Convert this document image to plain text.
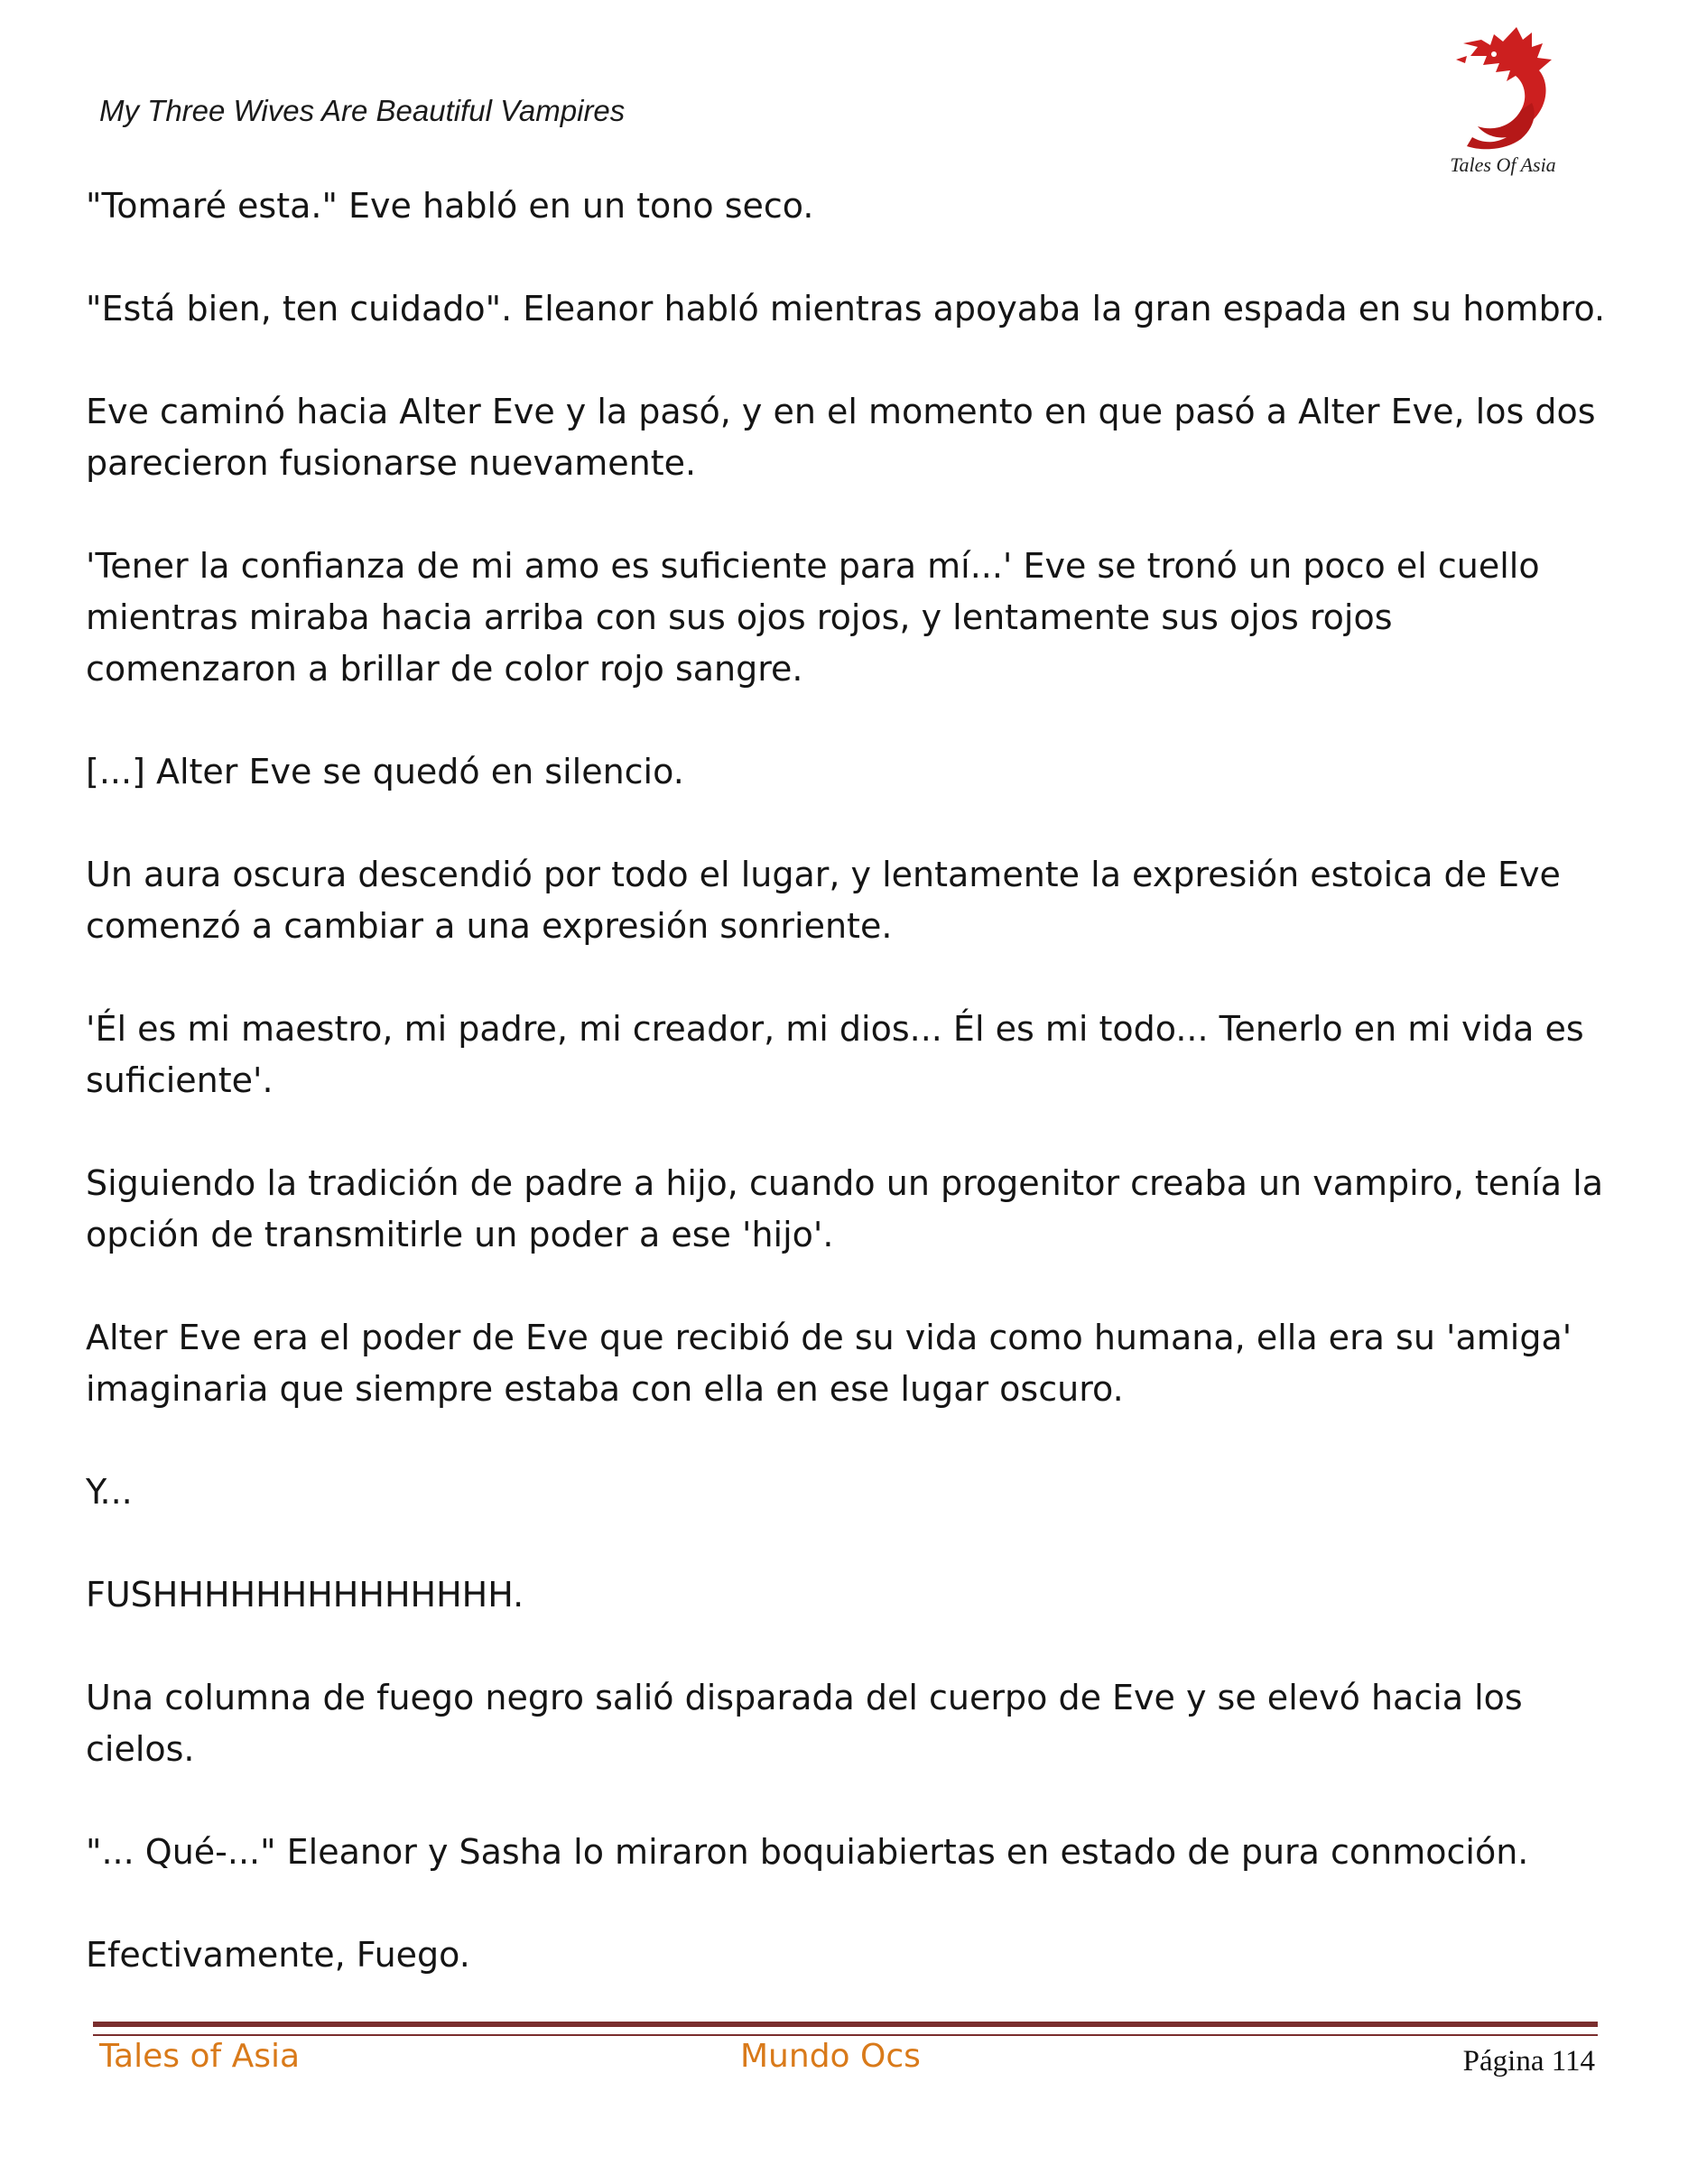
My Three Wives Are Beautiful Vampires
Tales Of Asia

"Tomaré esta." Eve habló en un tono seco.

"Está bien, ten cuidado". Eleanor habló mientras apoyaba la gran espada en su hombro.

Eve caminó hacia Alter Eve y la pasó, y en el momento en que pasó a Alter Eve, los dos parecieron fusionarse nuevamente.

'Tener la confianza de mi amo es suficiente para mí...' Eve se tronó un poco el cuello mientras miraba hacia arriba con sus ojos rojos, y lentamente sus ojos rojos comenzaron a brillar de color rojo sangre.

[...] Alter Eve se quedó en silencio.

Un aura oscura descendió por todo el lugar, y lentamente la expresión estoica de Eve comenzó a cambiar a una expresión sonriente.

'Él es mi maestro, mi padre, mi creador, mi dios... Él es mi todo... Tenerlo en mi vida es suficiente'.

Siguiendo la tradición de padre a hijo, cuando un progenitor creaba un vampiro, tenía la opción de transmitirle un poder a ese 'hijo'.

Alter Eve era el poder de Eve que recibió de su vida como humana, ella era su 'amiga' imaginaria que siempre estaba con ella en ese lugar oscuro.

Y...

FUSHHHHHHHHHHHHHH.

Una columna de fuego negro salió disparada del cuerpo de Eve y se elevó hacia los cielos.

"... Qué-..." Eleanor y Sasha lo miraron boquiabiertas en estado de pura conmoción.

Efectivamente, Fuego.

Tales of Asia	Mundo Ocs	Página 114
